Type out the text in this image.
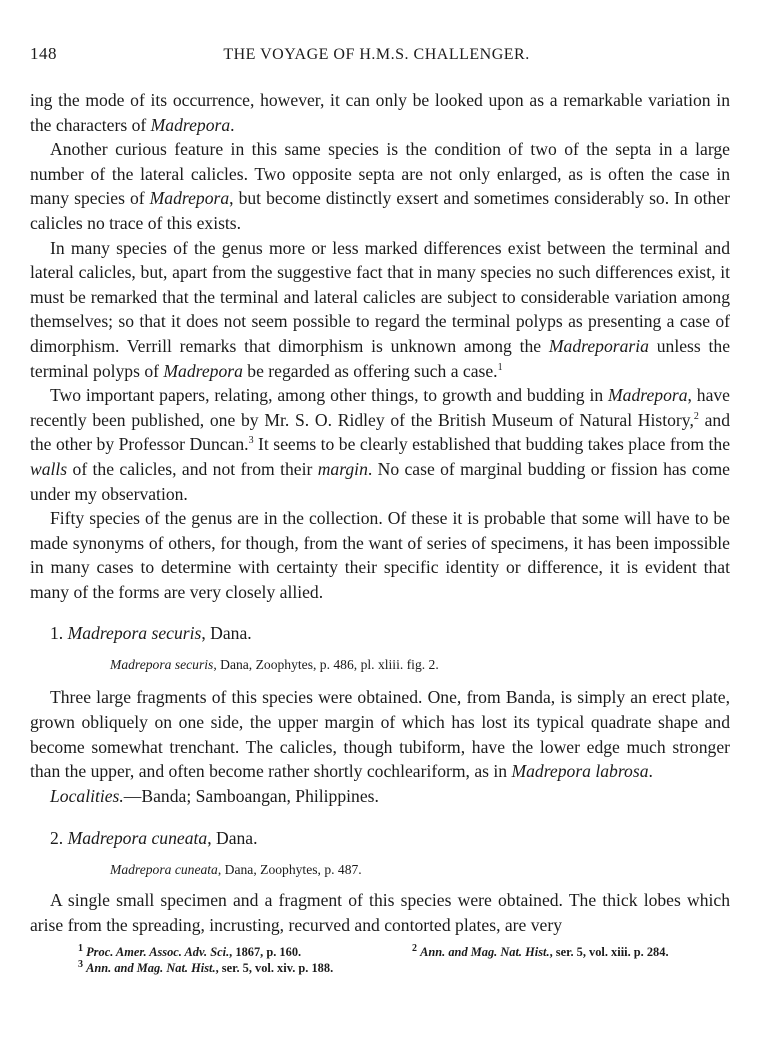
148	THE VOYAGE OF H.M.S. CHALLENGER.

ing the mode of its occurrence, however, it can only be looked upon as a remarkable variation in the characters of Madrepora.

Another curious feature in this same species is the condition of two of the septa in a large number of the lateral calicles. Two opposite septa are not only enlarged, as is often the case in many species of Madrepora, but become distinctly exsert and sometimes considerably so. In other calicles no trace of this exists.

In many species of the genus more or less marked differences exist between the terminal and lateral calicles, but, apart from the suggestive fact that in many species no such differences exist, it must be remarked that the terminal and lateral calicles are subject to considerable variation among themselves; so that it does not seem possible to regard the terminal polyps as presenting a case of dimorphism. Verrill remarks that dimorphism is unknown among the Madreporaria unless the terminal polyps of Madrepora be regarded as offering such a case.$^1$

Two important papers, relating, among other things, to growth and budding in Madrepora, have recently been published, one by Mr. S. O. Ridley of the British Museum of Natural History,$^2$ and the other by Professor Duncan.$^3$ It seems to be clearly established that budding takes place from the walls of the calicles, and not from their margin. No case of marginal budding or fission has come under my observation.

Fifty species of the genus are in the collection. Of these it is probable that some will have to be made synonyms of others, for though, from the want of series of specimens, it has been impossible in many cases to determine with certainty their specific identity or difference, it is evident that many of the forms are very closely allied.

1. Madrepora securis, Dana.
Madrepora securis, Dana, Zoophytes, p. 486, pl. xliii. fig. 2.

Three large fragments of this species were obtained. One, from Banda, is simply an erect plate, grown obliquely on one side, the upper margin of which has lost its typical quadrate shape and become somewhat trenchant. The calicles, though tubiform, have the lower edge much stronger than the upper, and often become rather shortly cochleariform, as in Madrepora labrosa.

Localities.—Banda; Samboangan, Philippines.

2. Madrepora cuneata, Dana.
Madrepora cuneata, Dana, Zoophytes, p. 487.

A single small specimen and a fragment of this species were obtained. The thick lobes which arise from the spreading, incrusting, recurved and contorted plates, are very

$^1$ Proc. Amer. Assoc. Adv. Sci., 1867, p. 160.	$^2$ Ann. and Mag. Nat. Hist., ser. 5, vol. xiii. p. 284.
$^3$ Ann. and Mag. Nat. Hist., ser. 5, vol. xiv. p. 188.
